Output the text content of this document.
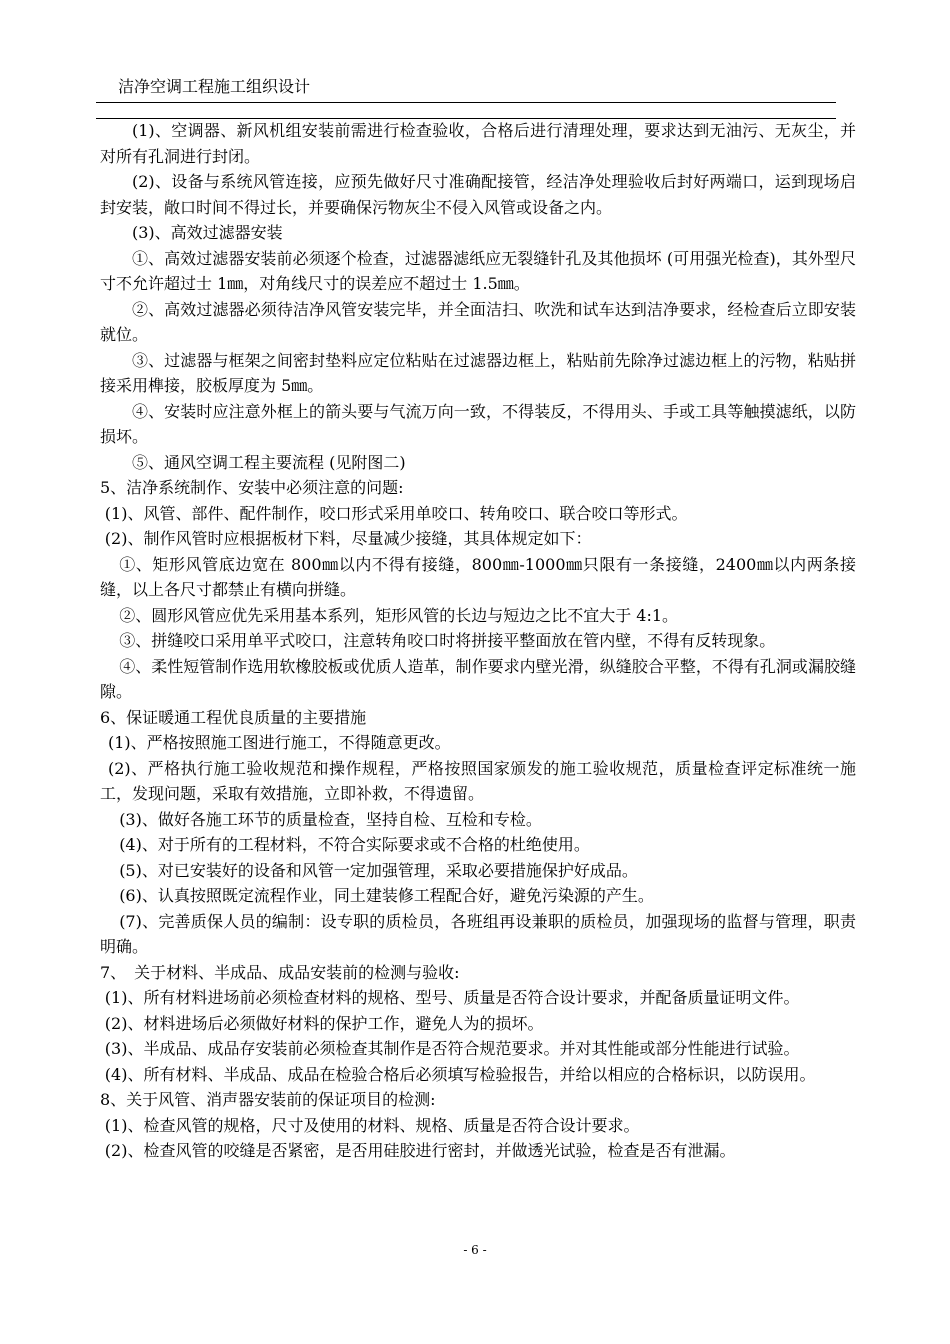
洁净空调工程施工组织设计

(1)、空调器、新风机组安装前需进行检查验收，合格后进行清理处理，要求达到无油污、无灰尘，并对所有孔洞进行封闭。

(2)、设备与系统风管连接，应预先做好尺寸准确配接管，经洁净处理验收后封好两端口，运到现场启封安装，敞口时间不得过长，并要确保污物灰尘不侵入风管或设备之内。

(3)、高效过滤器安装

①、高效过滤器安装前必须逐个检查，过滤器滤纸应无裂缝针孔及其他损坏 (可用强光检查)，其外型尺寸不允许超过士 1㎜，对角线尺寸的误差应不超过士 1.5㎜。

②、高效过滤器必须待洁净风管安装完毕，并全面洁扫、吹洗和试车达到洁净要求，经检查后立即安装就位。

③、过滤器与框架之间密封垫料应定位粘贴在过滤器边框上，粘贴前先除净过滤边框上的污物，粘贴拼接采用榫接，胶板厚度为 5㎜。

④、安装时应注意外框上的箭头要与气流万向一致，不得装反，不得用头、手或工具等触摸滤纸，以防损坏。

⑤、通风空调工程主要流程 (见附图二)

5、洁净系统制作、安装中必须注意的问题:

(1)、风管、部件、配件制作，咬口形式采用单咬口、转角咬口、联合咬口等形式。

(2)、制作风管时应根据板材下料，尽量减少接缝，其具体规定如下：

①、矩形风管底边宽在 800㎜以内不得有接缝，800㎜-1000㎜只限有一条接缝，2400㎜以内两条接缝，以上各尺寸都禁止有横向拼缝。

②、圆形风管应优先采用基本系列，矩形风管的长边与短边之比不宜大于 4:1。

③、拼缝咬口采用单平式咬口，注意转角咬口时将拼接平整面放在管内壁，不得有反转现象。

④、柔性短管制作选用软橡胶板或优质人造革，制作要求内壁光滑，纵缝胶合平整，不得有孔洞或漏胶缝隙。

6、保证暖通工程优良质量的主要措施

(1)、严格按照施工图进行施工，不得随意更改。

(2)、严格执行施工验收规范和操作规程，严格按照国家颁发的施工验收规范，质量检查评定标准统一施工，发现问题，采取有效措施，立即补救，不得遗留。

(3)、做好各施工环节的质量检查，坚持自检、互检和专检。

(4)、对于所有的工程材料，不符合实际要求或不合格的杜绝使用。

(5)、对已安装好的设备和风管一定加强管理，采取必要措施保护好成品。

(6)、认真按照既定流程作业，同土建装修工程配合好，避免污染源的产生。

(7)、完善质保人员的编制：设专职的质检员，各班组再设兼职的质检员，加强现场的监督与管理，职责明确。

7、　关于材料、半成品、成品安装前的检测与验收:

(1)、所有材料进场前必须检查材料的规格、型号、质量是否符合设计要求，并配备质量证明文件。

(2)、材料进场后必须做好材料的保护工作，避免人为的损坏。

(3)、半成品、成品存安装前必须检查其制作是否符合规范要求。并对其性能或部分性能进行试验。

(4)、所有材料、半成品、成品在检验合格后必须填写检验报告，并给以相应的合格标识，以防误用。

8、关于风管、消声器安装前的保证项目的检测:

(1)、检查风管的规格，尺寸及使用的材料、规格、质量是否符合设计要求。

(2)、检查风管的咬缝是否紧密，是否用硅胶进行密封，并做透光试验，检查是否有泄漏。

- 6 -
